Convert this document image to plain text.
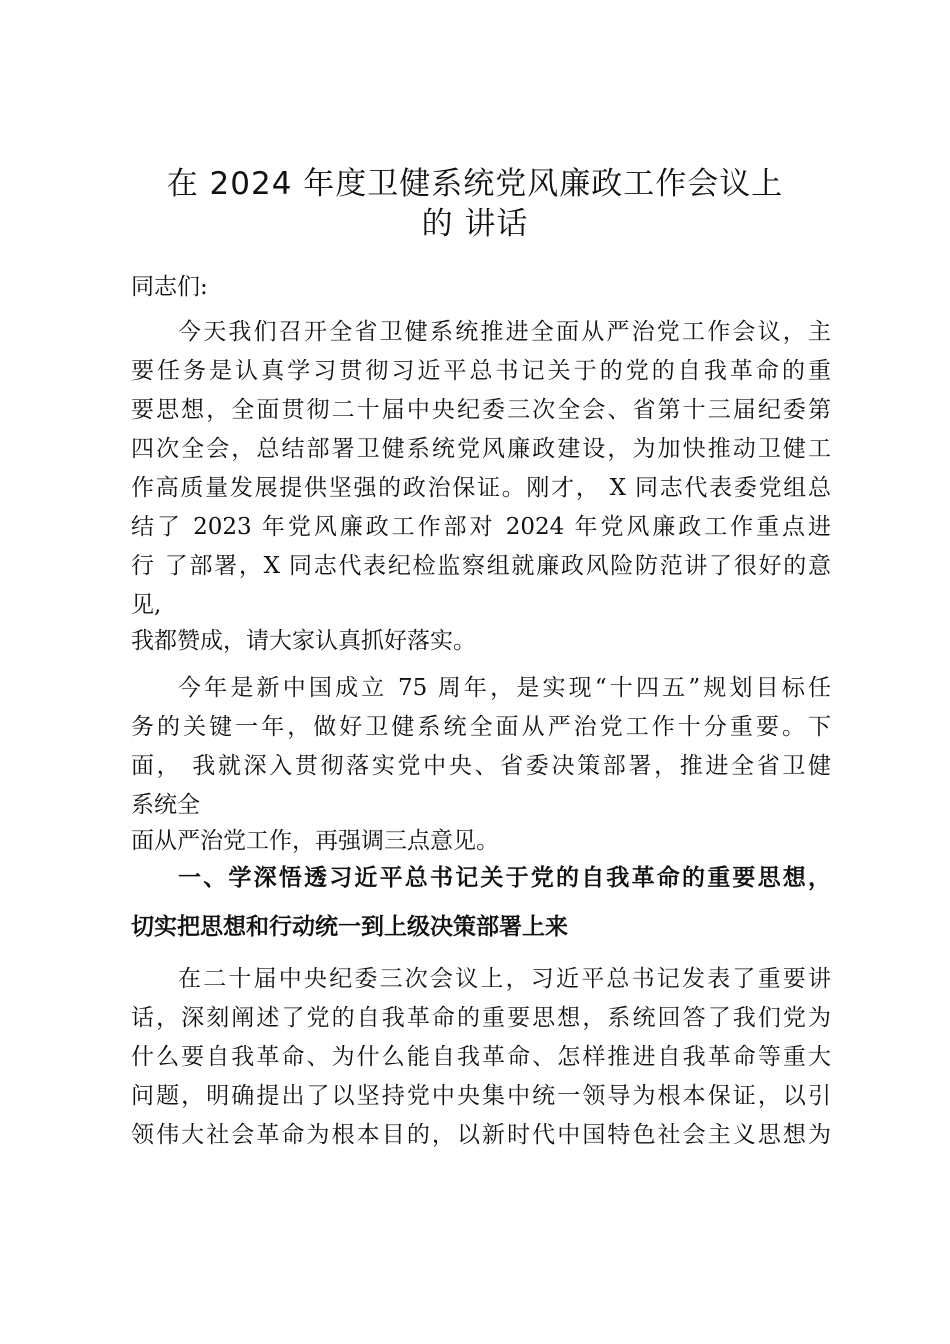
在 2024 年度卫健系统党风廉政工作会议上
的 讲话
同志们:
今天我们召开全省卫健系统推进全面从严治党工作会议，主
要任务是认真学习贯彻习近平总书记关于的党的自我革命的重
要思想，全面贯彻二十届中央纪委三次全会、省第十三届纪委第
四次全会，总结部署卫健系统党风廉政建设，为加快推动卫健工
作高质量发展提供坚强的政治保证。刚才， X 同志代表委党组总
结了 2023 年党风廉政工作部对 2024 年党风廉政工作重点进
行 了部署，X 同志代表纪检监察组就廉政风险防范讲了很好的意
见,
我都赞成，请大家认真抓好落实。
今年是新中国成立 75 周年，是实现“十四五”规划目标任
务的关键一年，做好卫健系统全面从严治党工作十分重要。下
面， 我就深入贯彻落实党中央、省委决策部署，推进全省卫健
系统全
面从严治党工作，再强调三点意见。
一、学深悟透习近平总书记关于党的自我革命的重要思想，
切实把思想和行动统一到上级决策部署上来
在二十届中央纪委三次会议上，习近平总书记发表了重要讲
话，深刻阐述了党的自我革命的重要思想，系统回答了我们党为
什么要自我革命、为什么能自我革命、怎样推进自我革命等重大
问题，明确提出了以坚持党中央集中统一领导为根本保证，以引
领伟大社会革命为根本目的，以新时代中国特色社会主义思想为
